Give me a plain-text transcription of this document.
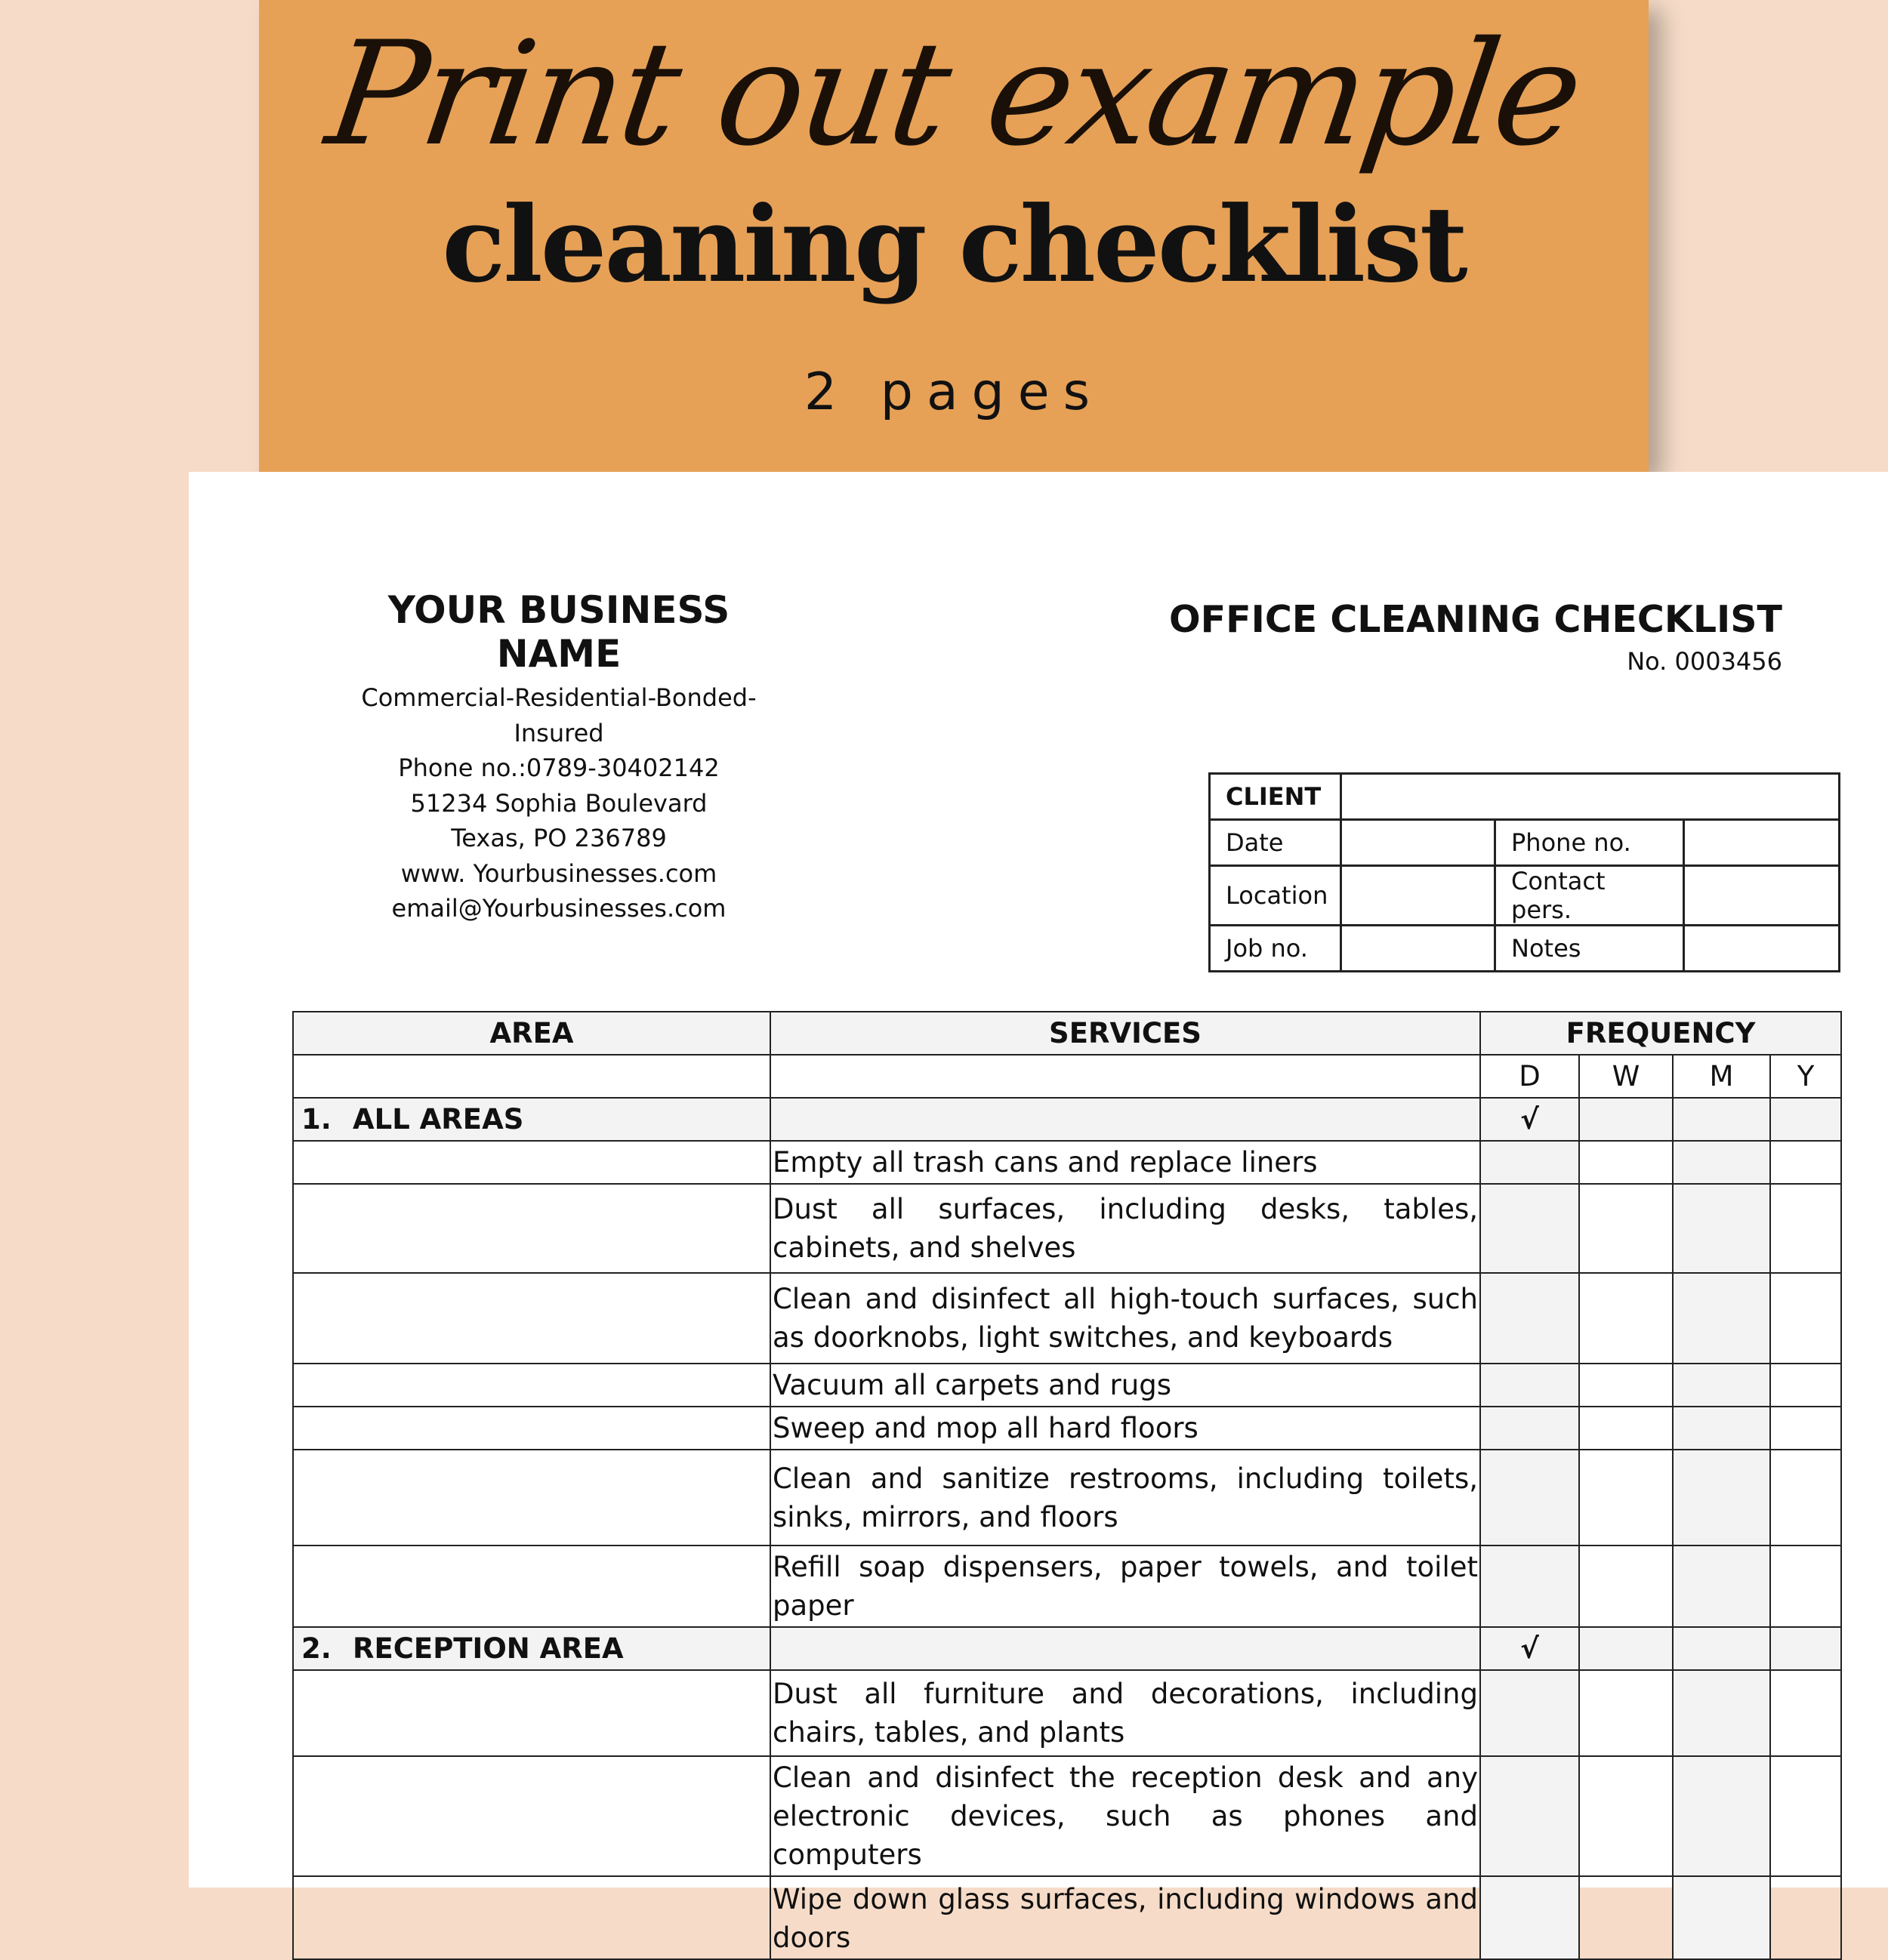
Print out example
cleaning checklist
2 pages
YOUR BUSINESS NAME
Commercial-Residential-Bonded-Insured
Phone no.:0789-30402142
51234 Sophia Boulevard
Texas, PO 236789
www. Yourbusinesses.com
email@Yourbusinesses.com
OFFICE CLEANING CHECKLIST
No. 0003456
CLIENT			
Date		Phone no.	
Location		Contact pers.	
Job no.		Notes	
AREA	SERVICES	FREQUENCY			
		D	W	M	Y
1. ALL AREAS		√			
	Empty all trash cans and replace liners				
	Dust all surfaces, including desks, tables, cabinets, and shelves				
	Clean and disinfect all high-touch surfaces, such as doorknobs, light switches, and keyboards				
	Vacuum all carpets and rugs				
	Sweep and mop all hard floors				
	Clean and sanitize restrooms, including toilets, sinks, mirrors, and floors				
	Refill soap dispensers, paper towels, and toilet paper				
2. RECEPTION AREA		√			
	Dust all furniture and decorations, including chairs, tables, and plants				
	Clean and disinfect the reception desk and any electronic devices, such as phones and computers				
	Wipe down glass surfaces, including windows and doors				
